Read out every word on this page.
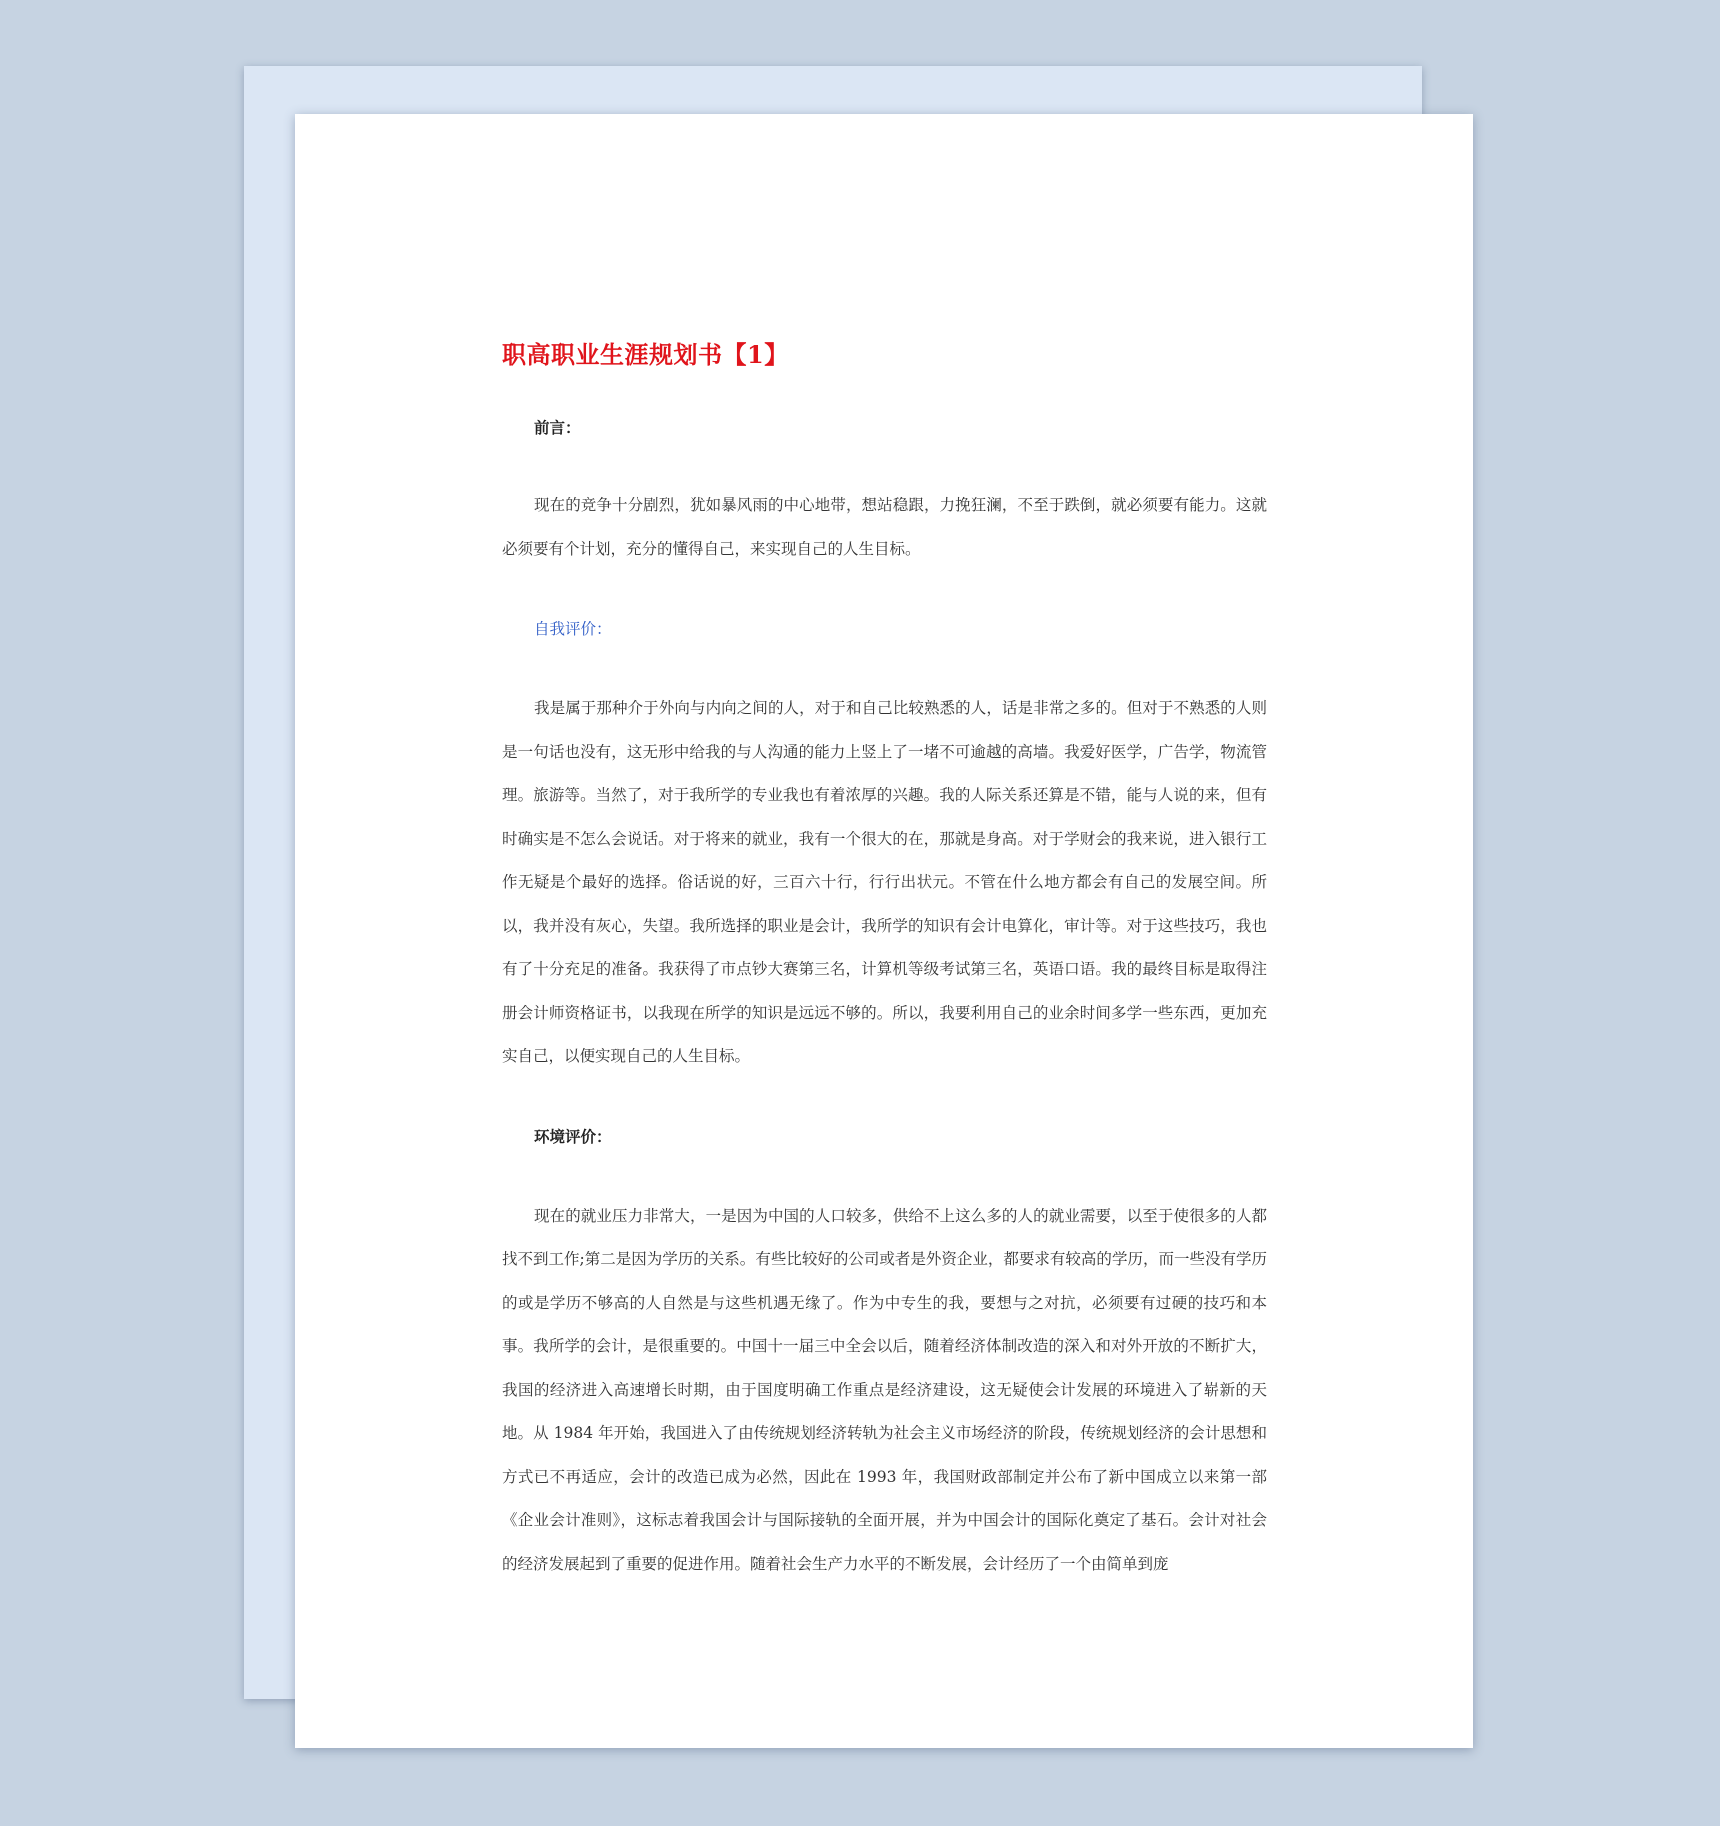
职高职业生涯规划书【1】

前言：

现在的竞争十分剧烈，犹如暴风雨的中心地带，想站稳跟，力挽狂澜，不至于跌倒，就必须要有能力。这就必须要有个计划，充分的懂得自己，来实现自己的人生目标。

自我评价：

我是属于那种介于外向与内向之间的人，对于和自己比较熟悉的人，话是非常之多的。但对于不熟悉的人则是一句话也没有，这无形中给我的与人沟通的能力上竖上了一堵不可逾越的高墙。我爱好医学，广告学，物流管理。旅游等。当然了，对于我所学的专业我也有着浓厚的兴趣。我的人际关系还算是不错，能与人说的来，但有时确实是不怎么会说话。对于将来的就业，我有一个很大的在，那就是身高。对于学财会的我来说，进入银行工作无疑是个最好的选择。俗话说的好，三百六十行，行行出状元。不管在什么地方都会有自己的发展空间。所以，我并没有灰心，失望。我所选择的职业是会计，我所学的知识有会计电算化，审计等。对于这些技巧，我也有了十分充足的准备。我获得了市点钞大赛第三名，计算机等级考试第三名，英语口语。我的最终目标是取得注册会计师资格证书，以我现在所学的知识是远远不够的。所以，我要利用自己的业余时间多学一些东西，更加充实自己，以便实现自己的人生目标。

环境评价：

现在的就业压力非常大，一是因为中国的人口较多，供给不上这么多的人的就业需要，以至于使很多的人都找不到工作;第二是因为学历的关系。有些比较好的公司或者是外资企业，都要求有较高的学历，而一些没有学历的或是学历不够高的人自然是与这些机遇无缘了。作为中专生的我，要想与之对抗，必须要有过硬的技巧和本事。我所学的会计，是很重要的。中国十一届三中全会以后，随着经济体制改造的深入和对外开放的不断扩大，我国的经济进入高速增长时期，由于国度明确工作重点是经济建设，这无疑使会计发展的环境进入了崭新的天地。从 1984 年开始，我国进入了由传统规划经济转轨为社会主义市场经济的阶段，传统规划经济的会计思想和方式已不再适应，会计的改造已成为必然，因此在 1993 年，我国财政部制定并公布了新中国成立以来第一部《企业会计准则》，这标志着我国会计与国际接轨的全面开展，并为中国会计的国际化奠定了基石。会计对社会的经济发展起到了重要的促进作用。随着社会生产力水平的不断发展，会计经历了一个由简单到庞
